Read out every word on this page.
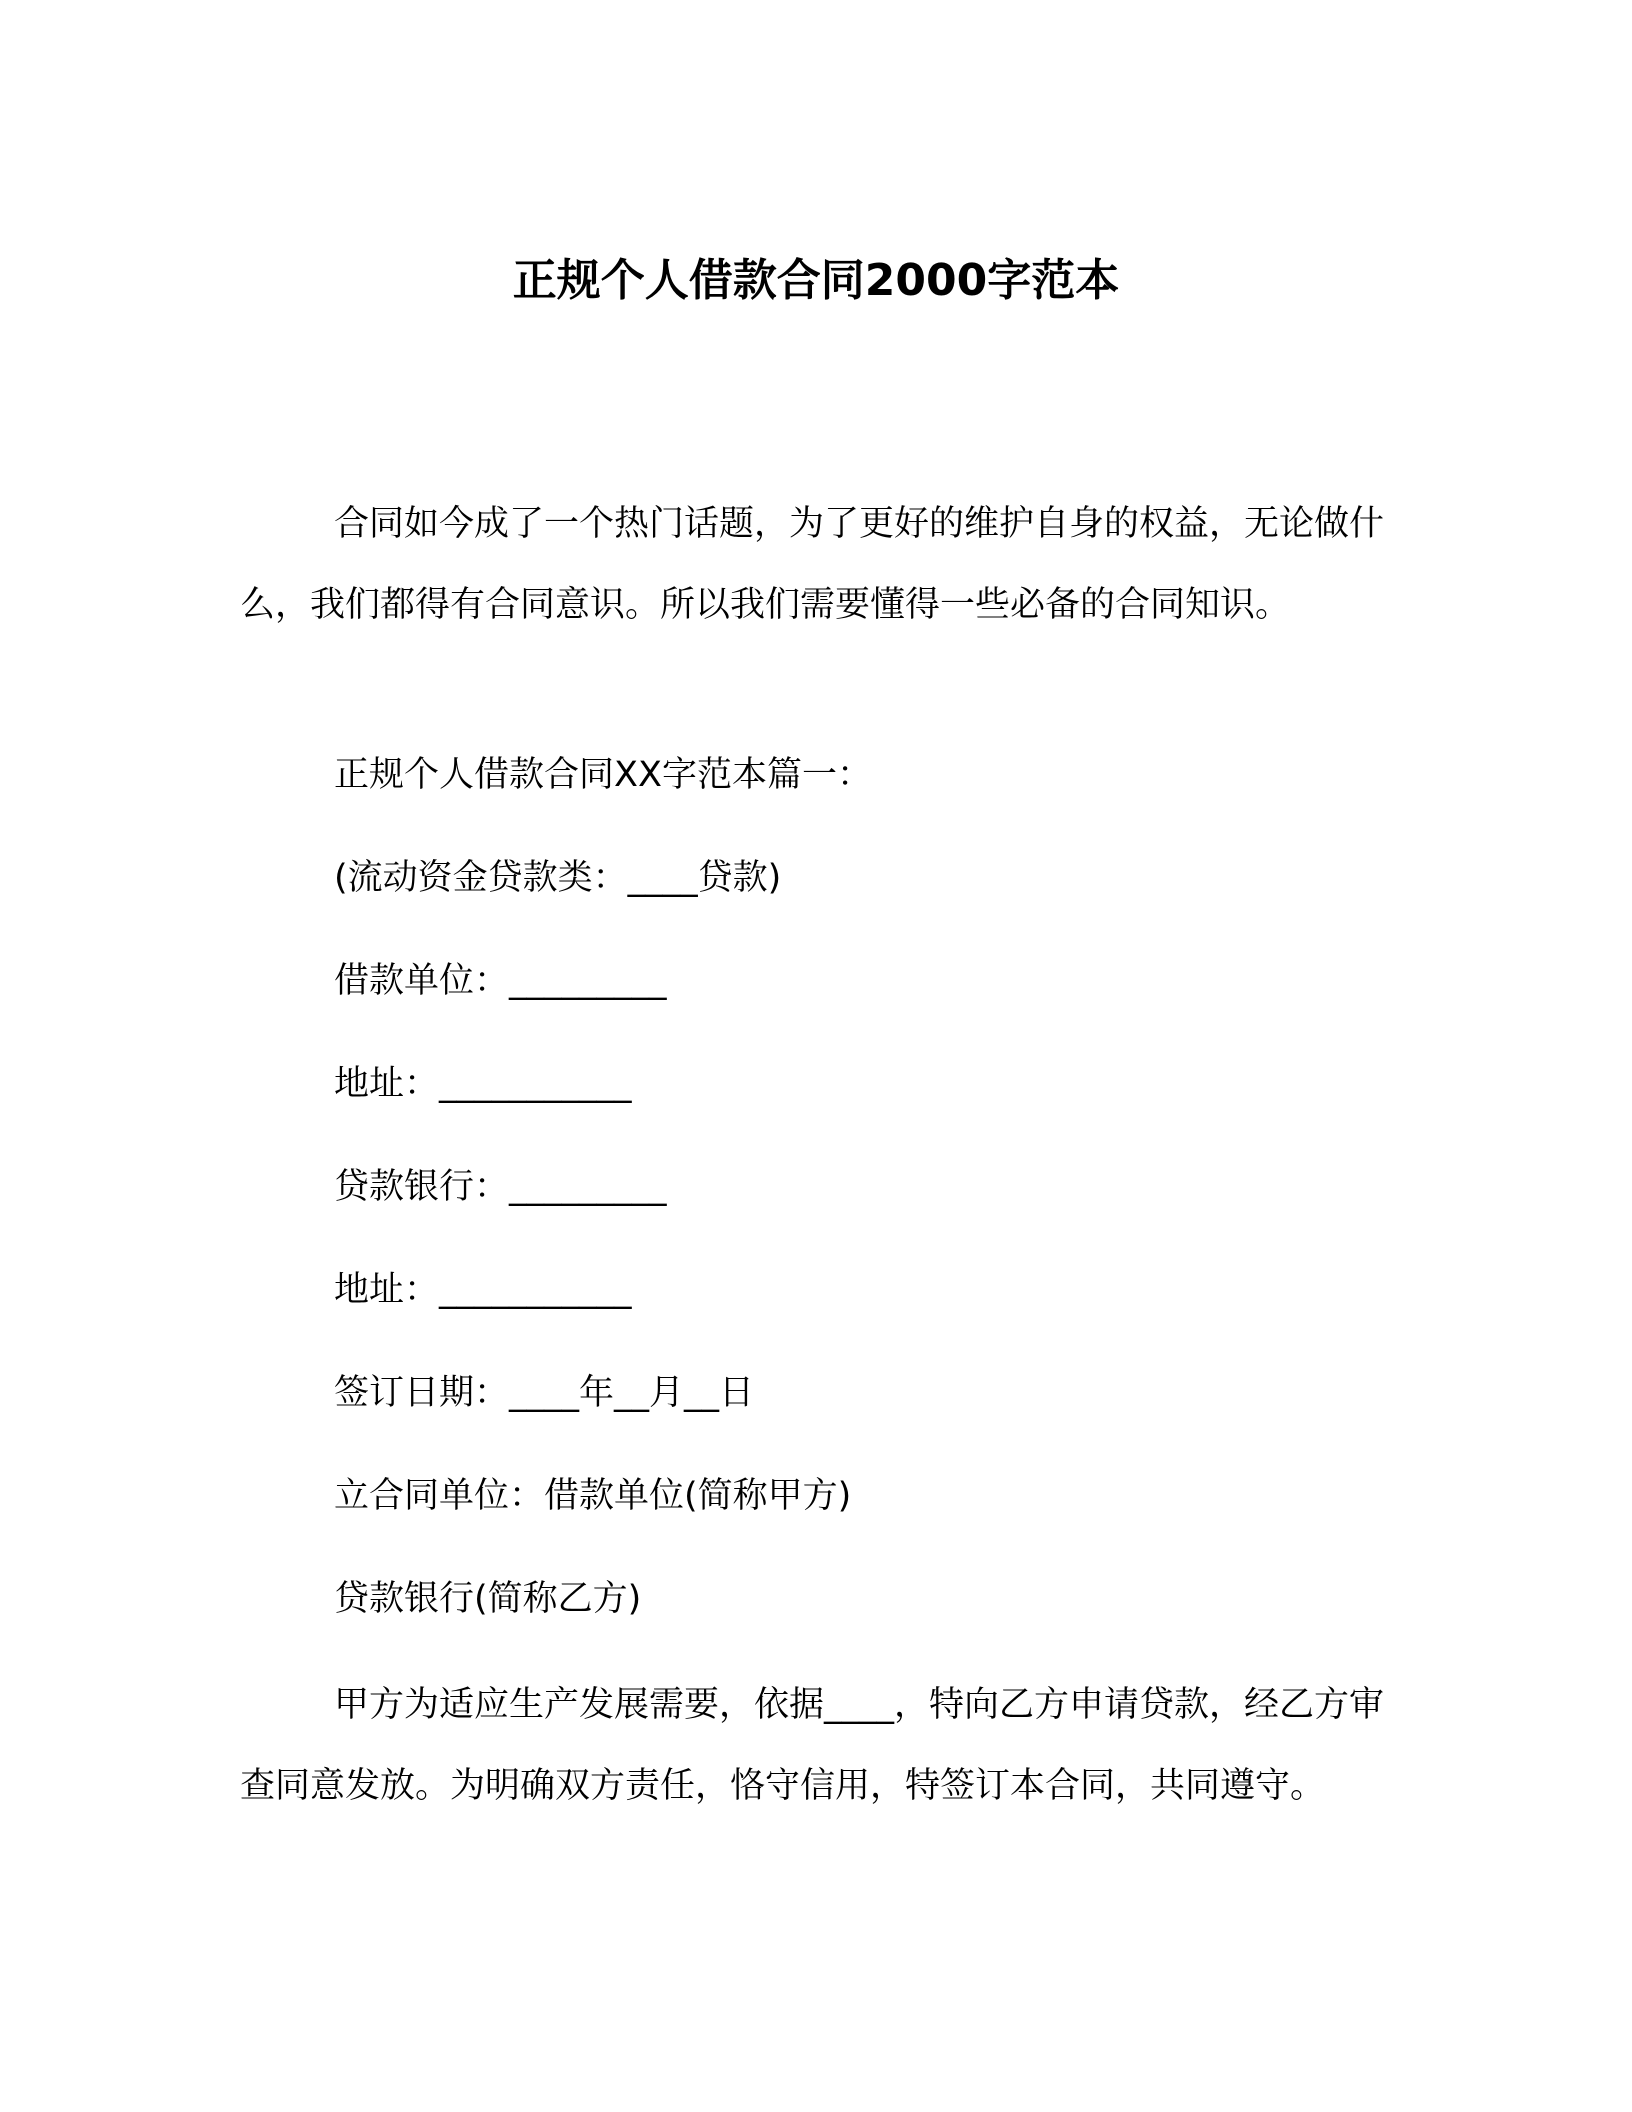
正规个人借款合同2000字范本

合同如今成了一个热门话题，为了更好的维护自身的权益，无论做什么，我们都得有合同意识。所以我们需要懂得一些必备的合同知识。

正规个人借款合同XX字范本篇一：

(流动资金贷款类：____贷款)

借款单位：_________

地址：___________

贷款银行：_________

地址：___________

签订日期：____年__月__日

立合同单位：借款单位(简称甲方)

贷款银行(简称乙方)

甲方为适应生产发展需要，依据____，特向乙方申请贷款，经乙方审查同意发放。为明确双方责任，恪守信用，特签订本合同，共同遵守。
